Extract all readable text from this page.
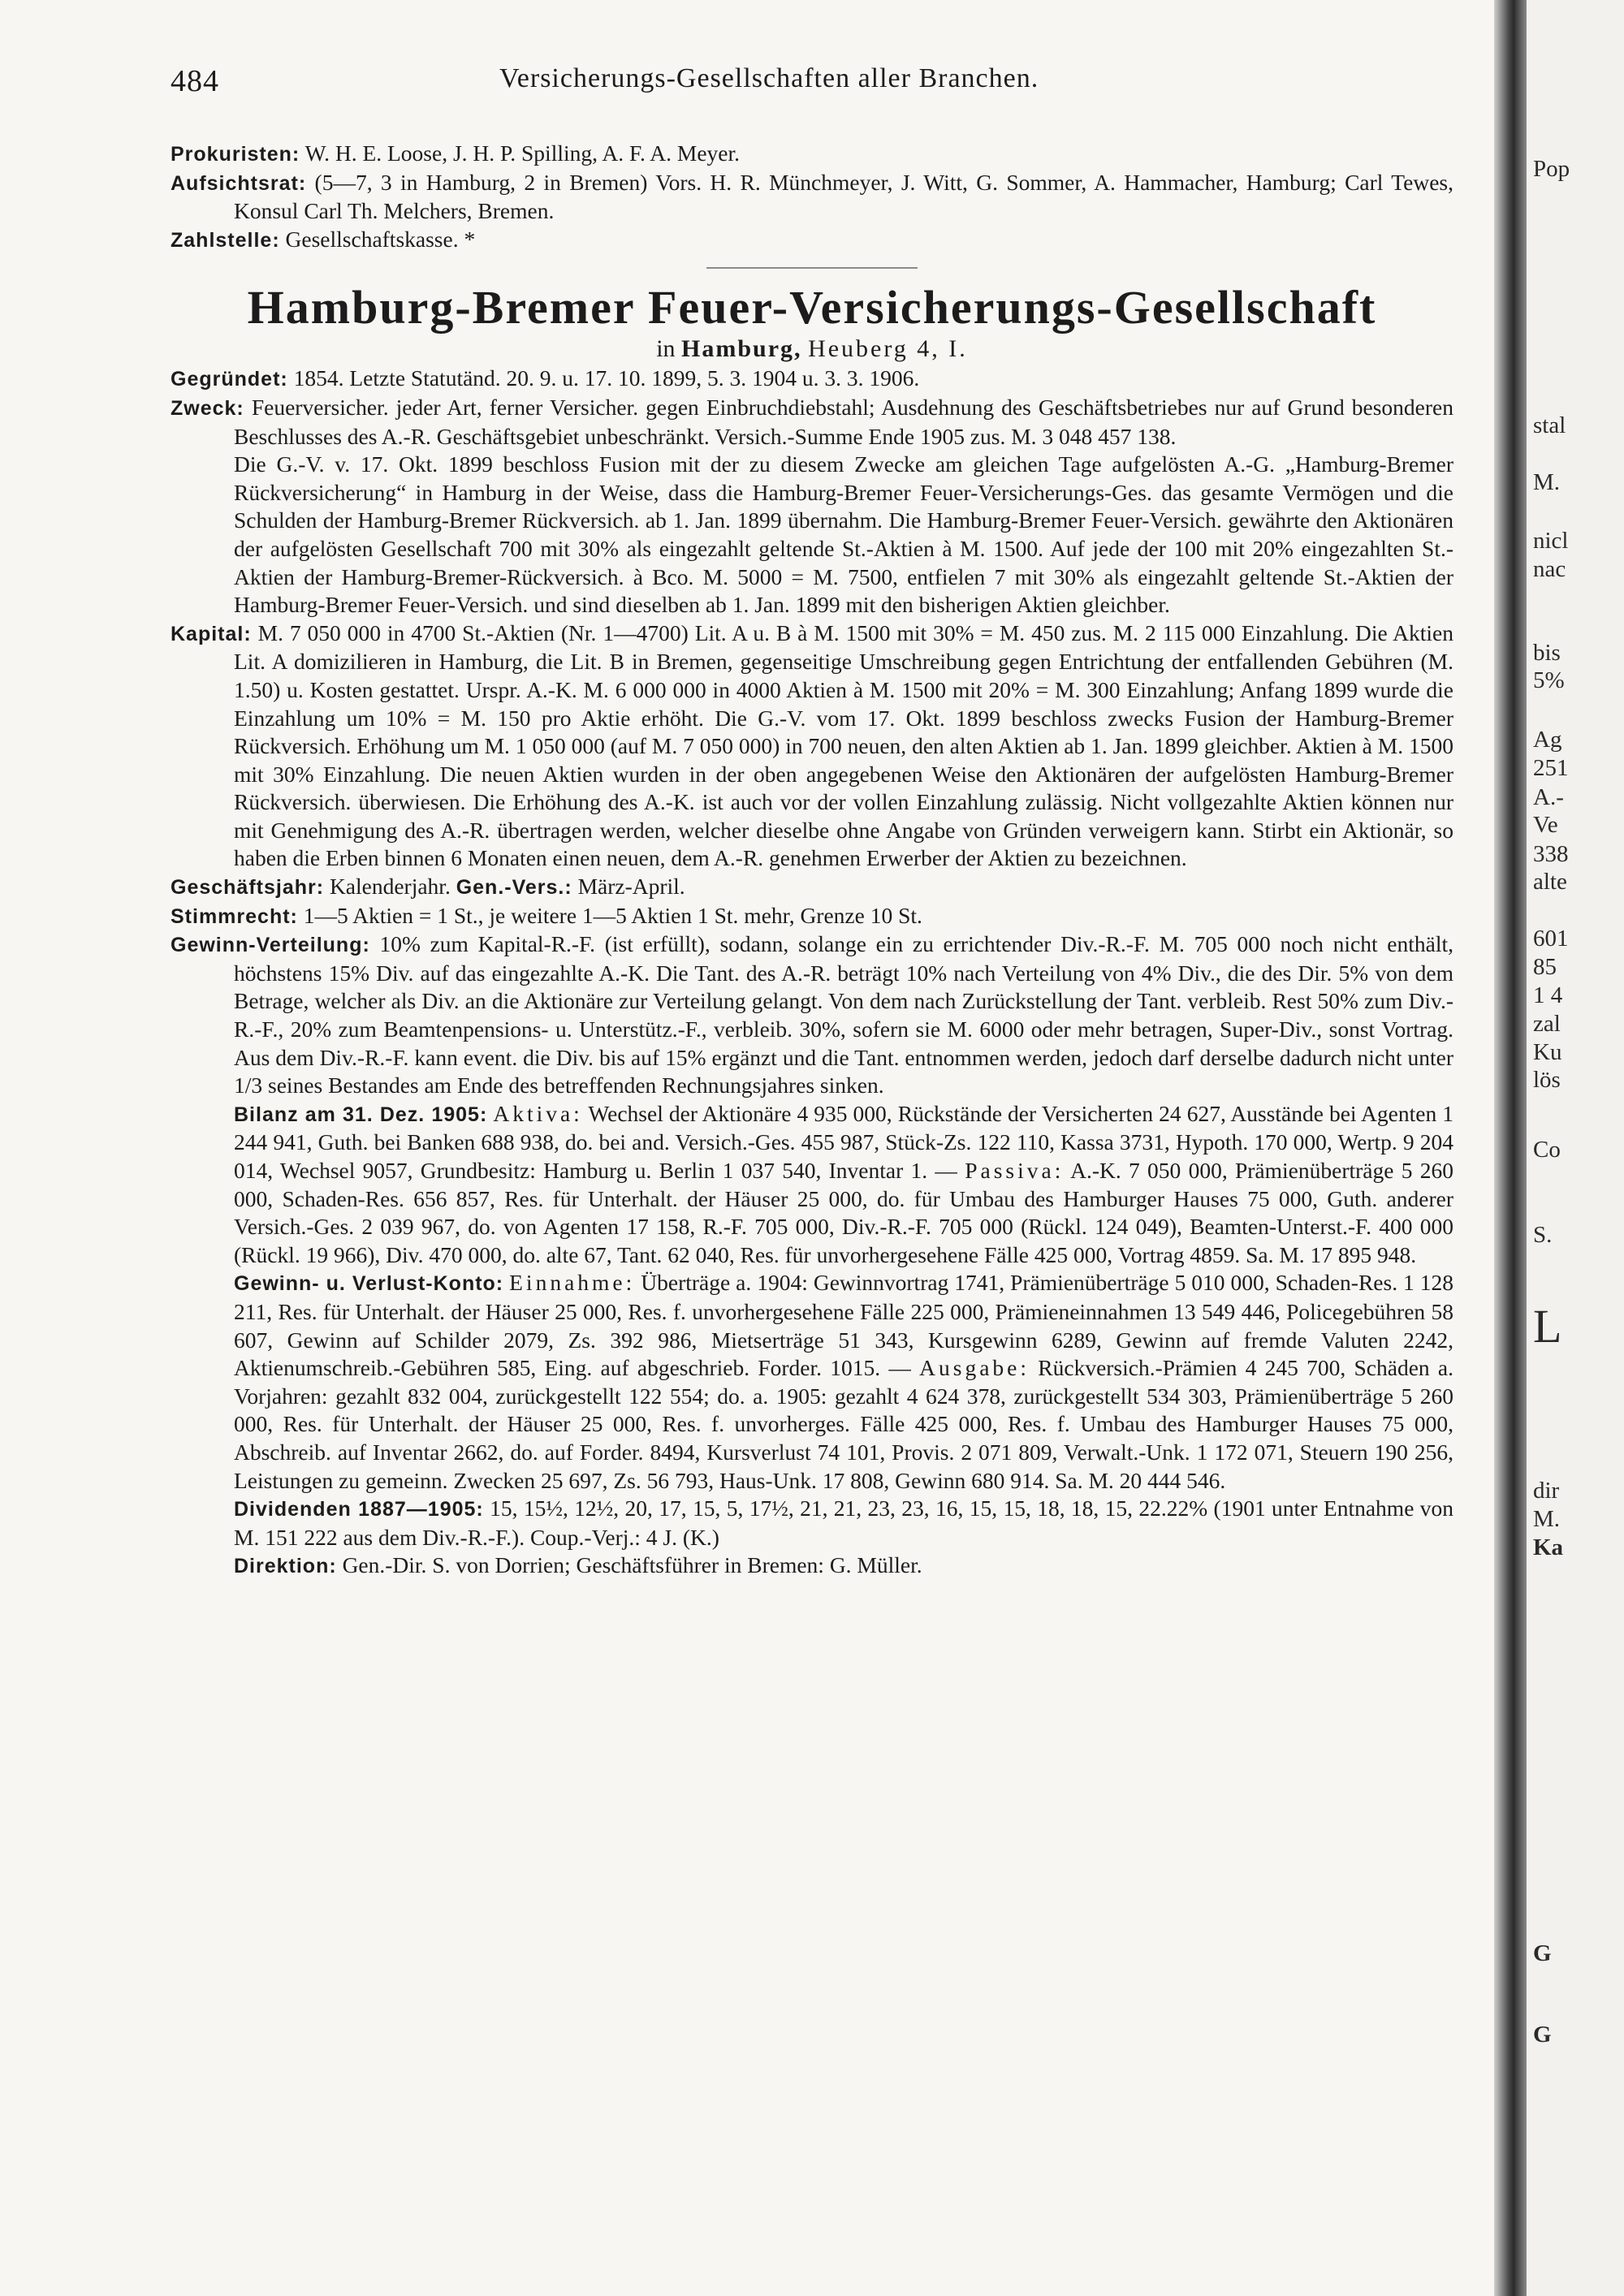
Pop
stal
M.
nicl
nac
bis
5%
Ag
251
A.-
Ve
338
alte
601
85
1 4
zal
Ku
lös
Co
S.
L
dir
M.
Ka
G
G
484	Versicherungs-Gesellschaften aller Branchen.

Prokuristen: W. H. E. Loose, J. H. P. Spilling, A. F. A. Meyer.

Aufsichtsrat: (5—7, 3 in Hamburg, 2 in Bremen) Vors. H. R. Münchmeyer, J. Witt, G. Sommer, A. Hammacher, Hamburg; Carl Tewes, Konsul Carl Th. Melchers, Bremen.

Zahlstelle: Gesellschaftskasse. *

Hamburg-Bremer Feuer-Versicherungs-Gesellschaft

in Hamburg, Heuberg 4, I.

Gegründet: 1854. Letzte Statutänd. 20. 9. u. 17. 10. 1899, 5. 3. 1904 u. 3. 3. 1906.

Zweck: Feuerversicher. jeder Art, ferner Versicher. gegen Einbruchdiebstahl; Ausdehnung des Geschäftsbetriebes nur auf Grund besonderen Beschlusses des A.-R. Geschäftsgebiet unbeschränkt. Versich.-Summe Ende 1905 zus. M. 3 048 457 138.

Die G.-V. v. 17. Okt. 1899 beschloss Fusion mit der zu diesem Zwecke am gleichen Tage aufgelösten A.-G. „Hamburg-Bremer Rückversicherung“ in Hamburg in der Weise, dass die Hamburg-Bremer Feuer-Versicherungs-Ges. das gesamte Vermögen und die Schulden der Hamburg-Bremer Rückversich. ab 1. Jan. 1899 übernahm. Die Hamburg-Bremer Feuer-Versich. gewährte den Aktionären der aufgelösten Gesellschaft 700 mit 30% als eingezahlt geltende St.-Aktien à M. 1500. Auf jede der 100 mit 20% eingezahlten St.-Aktien der Hamburg-Bremer-Rückversich. à Bco. M. 5000 = M. 7500, entfielen 7 mit 30% als eingezahlt geltende St.-Aktien der Hamburg-Bremer Feuer-Versich. und sind dieselben ab 1. Jan. 1899 mit den bisherigen Aktien gleichber.

Kapital: M. 7 050 000 in 4700 St.-Aktien (Nr. 1—4700) Lit. A u. B à M. 1500 mit 30% = M. 450 zus. M. 2 115 000 Einzahlung. Die Aktien Lit. A domizilieren in Hamburg, die Lit. B in Bremen, gegenseitige Umschreibung gegen Entrichtung der entfallenden Gebühren (M. 1.50) u. Kosten gestattet. Urspr. A.-K. M. 6 000 000 in 4000 Aktien à M. 1500 mit 20% = M. 300 Einzahlung; Anfang 1899 wurde die Einzahlung um 10% = M. 150 pro Aktie erhöht. Die G.-V. vom 17. Okt. 1899 beschloss zwecks Fusion der Hamburg-Bremer Rückversich. Erhöhung um M. 1 050 000 (auf M. 7 050 000) in 700 neuen, den alten Aktien ab 1. Jan. 1899 gleichber. Aktien à M. 1500 mit 30% Einzahlung. Die neuen Aktien wurden in der oben angegebenen Weise den Aktionären der aufgelösten Hamburg-Bremer Rückversich. überwiesen. Die Erhöhung des A.-K. ist auch vor der vollen Einzahlung zulässig. Nicht vollgezahlte Aktien können nur mit Genehmigung des A.-R. übertragen werden, welcher dieselbe ohne Angabe von Gründen verweigern kann. Stirbt ein Aktionär, so haben die Erben binnen 6 Monaten einen neuen, dem A.-R. genehmen Erwerber der Aktien zu bezeichnen.

Geschäftsjahr: Kalenderjahr. Gen.-Vers.: März-April.

Stimmrecht: 1—5 Aktien = 1 St., je weitere 1—5 Aktien 1 St. mehr, Grenze 10 St.

Gewinn-Verteilung: 10% zum Kapital-R.-F. (ist erfüllt), sodann, solange ein zu errichtender Div.-R.-F. M. 705 000 noch nicht enthält, höchstens 15% Div. auf das eingezahlte A.-K. Die Tant. des A.-R. beträgt 10% nach Verteilung von 4% Div., die des Dir. 5% von dem Betrage, welcher als Div. an die Aktionäre zur Verteilung gelangt. Von dem nach Zurückstellung der Tant. verbleib. Rest 50% zum Div.-R.-F., 20% zum Beamtenpensions- u. Unterstütz.-F., verbleib. 30%, sofern sie M. 6000 oder mehr betragen, Super-Div., sonst Vortrag. Aus dem Div.-R.-F. kann event. die Div. bis auf 15% ergänzt und die Tant. entnommen werden, jedoch darf derselbe dadurch nicht unter 1/3 seines Bestandes am Ende des betreffenden Rechnungsjahres sinken.

Bilanz am 31. Dez. 1905: Aktiva: Wechsel der Aktionäre 4 935 000, Rückstände der Versicherten 24 627, Ausstände bei Agenten 1 244 941, Guth. bei Banken 688 938, do. bei and. Versich.-Ges. 455 987, Stück-Zs. 122 110, Kassa 3731, Hypoth. 170 000, Wertp. 9 204 014, Wechsel 9057, Grundbesitz: Hamburg u. Berlin 1 037 540, Inventar 1. — Passiva: A.-K. 7 050 000, Prämienüberträge 5 260 000, Schaden-Res. 656 857, Res. für Unterhalt. der Häuser 25 000, do. für Umbau des Hamburger Hauses 75 000, Guth. anderer Versich.-Ges. 2 039 967, do. von Agenten 17 158, R.-F. 705 000, Div.-R.-F. 705 000 (Rückl. 124 049), Beamten-Unterst.-F. 400 000 (Rückl. 19 966), Div. 470 000, do. alte 67, Tant. 62 040, Res. für unvorhergesehene Fälle 425 000, Vortrag 4859. Sa. M. 17 895 948.

Gewinn- u. Verlust-Konto: Einnahme: Überträge a. 1904: Gewinnvortrag 1741, Prämienüberträge 5 010 000, Schaden-Res. 1 128 211, Res. für Unterhalt. der Häuser 25 000, Res. f. unvorhergesehene Fälle 225 000, Prämieneinnahmen 13 549 446, Policegebühren 58 607, Gewinn auf Schilder 2079, Zs. 392 986, Mietserträge 51 343, Kursgewinn 6289, Gewinn auf fremde Valuten 2242, Aktienumschreib.-Gebühren 585, Eing. auf abgeschrieb. Forder. 1015. — Ausgabe: Rückversich.-Prämien 4 245 700, Schäden a. Vorjahren: gezahlt 832 004, zurückgestellt 122 554; do. a. 1905: gezahlt 4 624 378, zurückgestellt 534 303, Prämienüberträge 5 260 000, Res. für Unterhalt. der Häuser 25 000, Res. f. unvorherges. Fälle 425 000, Res. f. Umbau des Hamburger Hauses 75 000, Abschreib. auf Inventar 2662, do. auf Forder. 8494, Kursverlust 74 101, Provis. 2 071 809, Verwalt.-Unk. 1 172 071, Steuern 190 256, Leistungen zu gemeinn. Zwecken 25 697, Zs. 56 793, Haus-Unk. 17 808, Gewinn 680 914. Sa. M. 20 444 546.

Dividenden 1887—1905: 15, 15½, 12½, 20, 17, 15, 5, 17½, 21, 21, 23, 23, 16, 15, 15, 18, 18, 15, 22.22% (1901 unter Entnahme von M. 151 222 aus dem Div.-R.-F.). Coup.-Verj.: 4 J. (K.)

Direktion: Gen.-Dir. S. von Dorrien; Geschäftsführer in Bremen: G. Müller.
